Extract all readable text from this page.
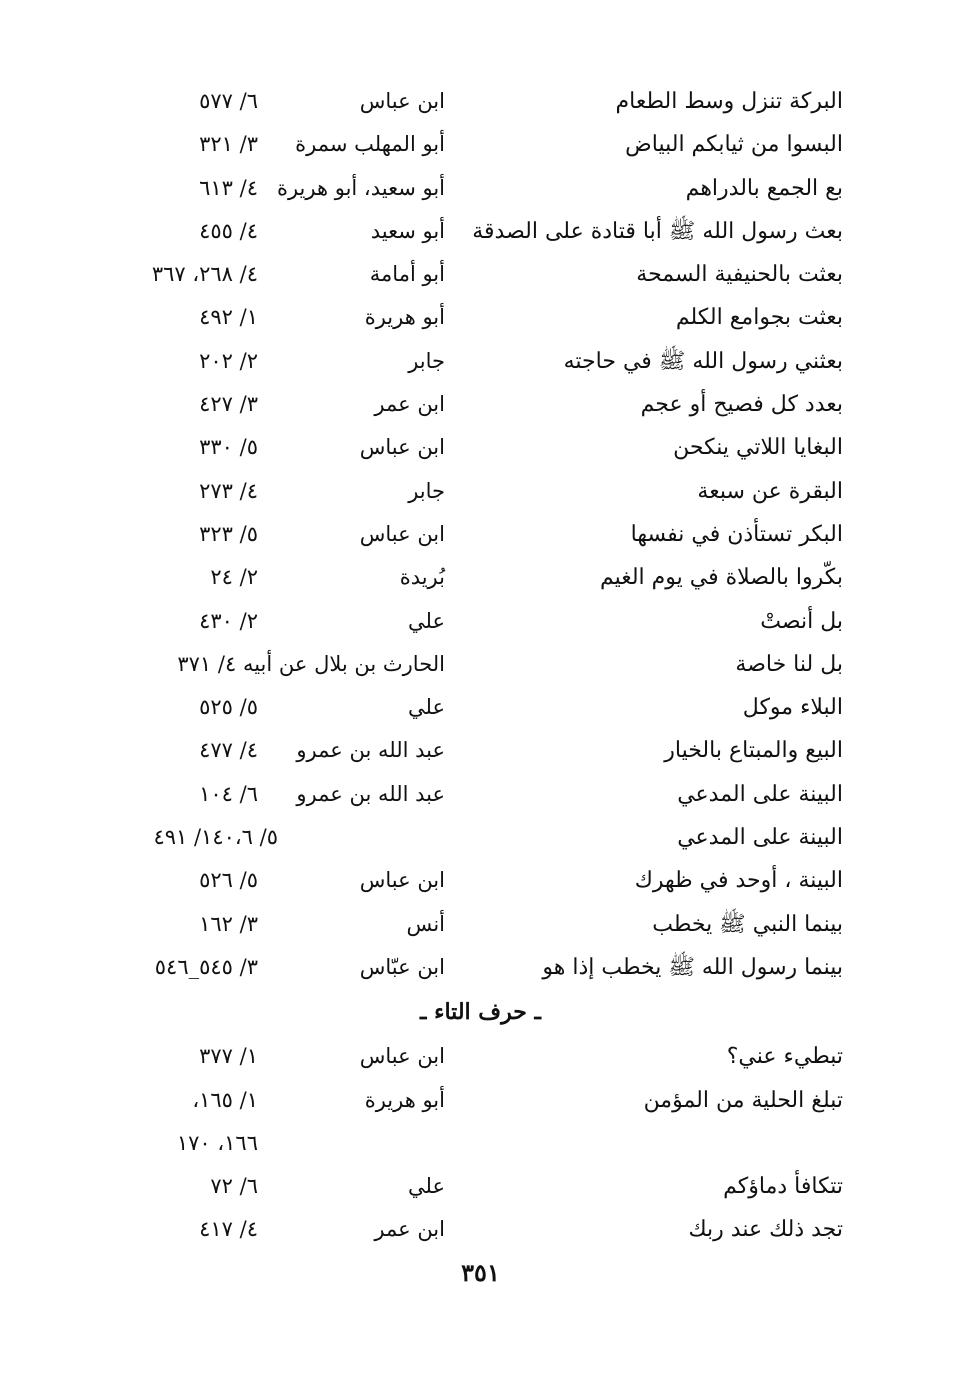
البركة تنزل وسط الطعام
ابن عباس
٦/ ٥٧٧
البسوا من ثيابكم البياض
أبو المهلب سمرة
٣/ ٣٢١
بع الجمع بالدراهم
أبو سعيد، أبو هريرة
٤/ ٦١٣
بعث رسول الله ﷺ أبا قتادة على الصدقة
أبو سعيد
٤/ ٤٥٥
بعثت بالحنيفية السمحة
أبو أمامة
٤/ ٢٦٨، ٣٦٧
بعثت بجوامع الكلم
أبو هريرة
١/ ٤٩٢
بعثني رسول الله ﷺ في حاجته
جابر
٢/ ٢٠٢
بعدد كل فصيح أو عجم
ابن عمر
٣/ ٤٢٧
البغايا اللاتي ينكحن
ابن عباس
٥/ ٣٣٠
البقرة عن سبعة
جابر
٤/ ٢٧٣
البكر تستأذن في نفسها
ابن عباس
٥/ ٣٢٣
بكّروا بالصلاة في يوم الغيم
بُريدة
٢/ ٢٤
بل أنصتْ
علي
٢/ ٤٣٠
بل لنا خاصة
الحارث بن بلال عن أبيه ٤/ ٣٧١
البلاء موكل
علي
٥/ ٥٢٥
البيع والمبتاع بالخيار
عبد الله بن عمرو
٤/ ٤٧٧
البينة على المدعي
عبد الله بن عمرو
٦/ ١٠٤
البينة على المدعي
٥/ ١٤٠،٦/ ٤٩١
البينة ، أوحد في ظهرك
ابن عباس
٥/ ٥٢٦
بينما النبي ﷺ يخطب
أنس
٣/ ١٦٢
بينما رسول الله ﷺ يخطب إذا هو
ابن عبّاس
٣/ ٥٤٥_٥٤٦
ـ حرف التاء ـ
تبطيء عني؟
ابن عباس
١/ ٣٧٧
تبلغ الحلية من المؤمن
أبو هريرة
١/ ١٦٥،
١٦٦، ١٧٠
تتكافأ دماؤكم
علي
٦/ ٧٢
تجد ذلك عند ربك
ابن عمر
٤/ ٤١٧
٣٥١
